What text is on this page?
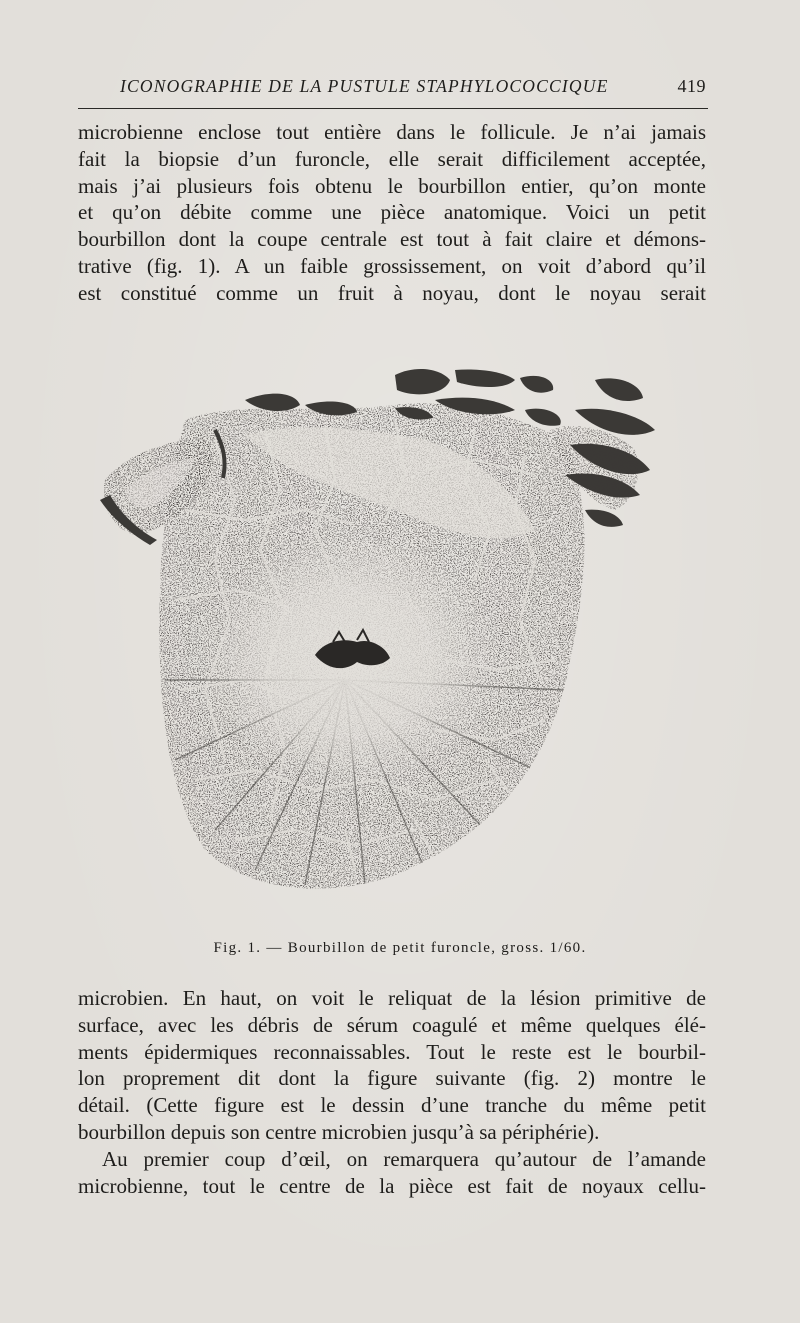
ICONOGRAPHIE DE LA PUSTULE STAPHYLOCOCCIQUE	419
microbienne enclose tout entière dans le follicule. Je n’ai jamais
fait la biopsie d’un furoncle, elle serait difficilement acceptée,
mais j’ai plusieurs fois obtenu le bourbillon entier, qu’on monte
et qu’on débite comme une pièce anatomique. Voici un petit
bourbillon dont la coupe centrale est tout à fait claire et démons-
trative (fig. 1). A un faible grossissement, on voit d’abord qu’il
est constitué comme un fruit à noyau, dont le noyau serait
Fig. 1. — Bourbillon de petit furoncle, gross. 1/60.
microbien. En haut, on voit le reliquat de la lésion primitive de
surface, avec les débris de sérum coagulé et même quelques élé-
ments épidermiques reconnaissables. Tout le reste est le bourbil-
lon proprement dit dont la figure suivante (fig. 2) montre le
détail. (Cette figure est le dessin d’une tranche du même petit
bourbillon depuis son centre microbien jusqu’à sa périphérie).
Au premier coup d’œil, on remarquera qu’autour de l’amande
microbienne, tout le centre de la pièce est fait de noyaux cellu-
